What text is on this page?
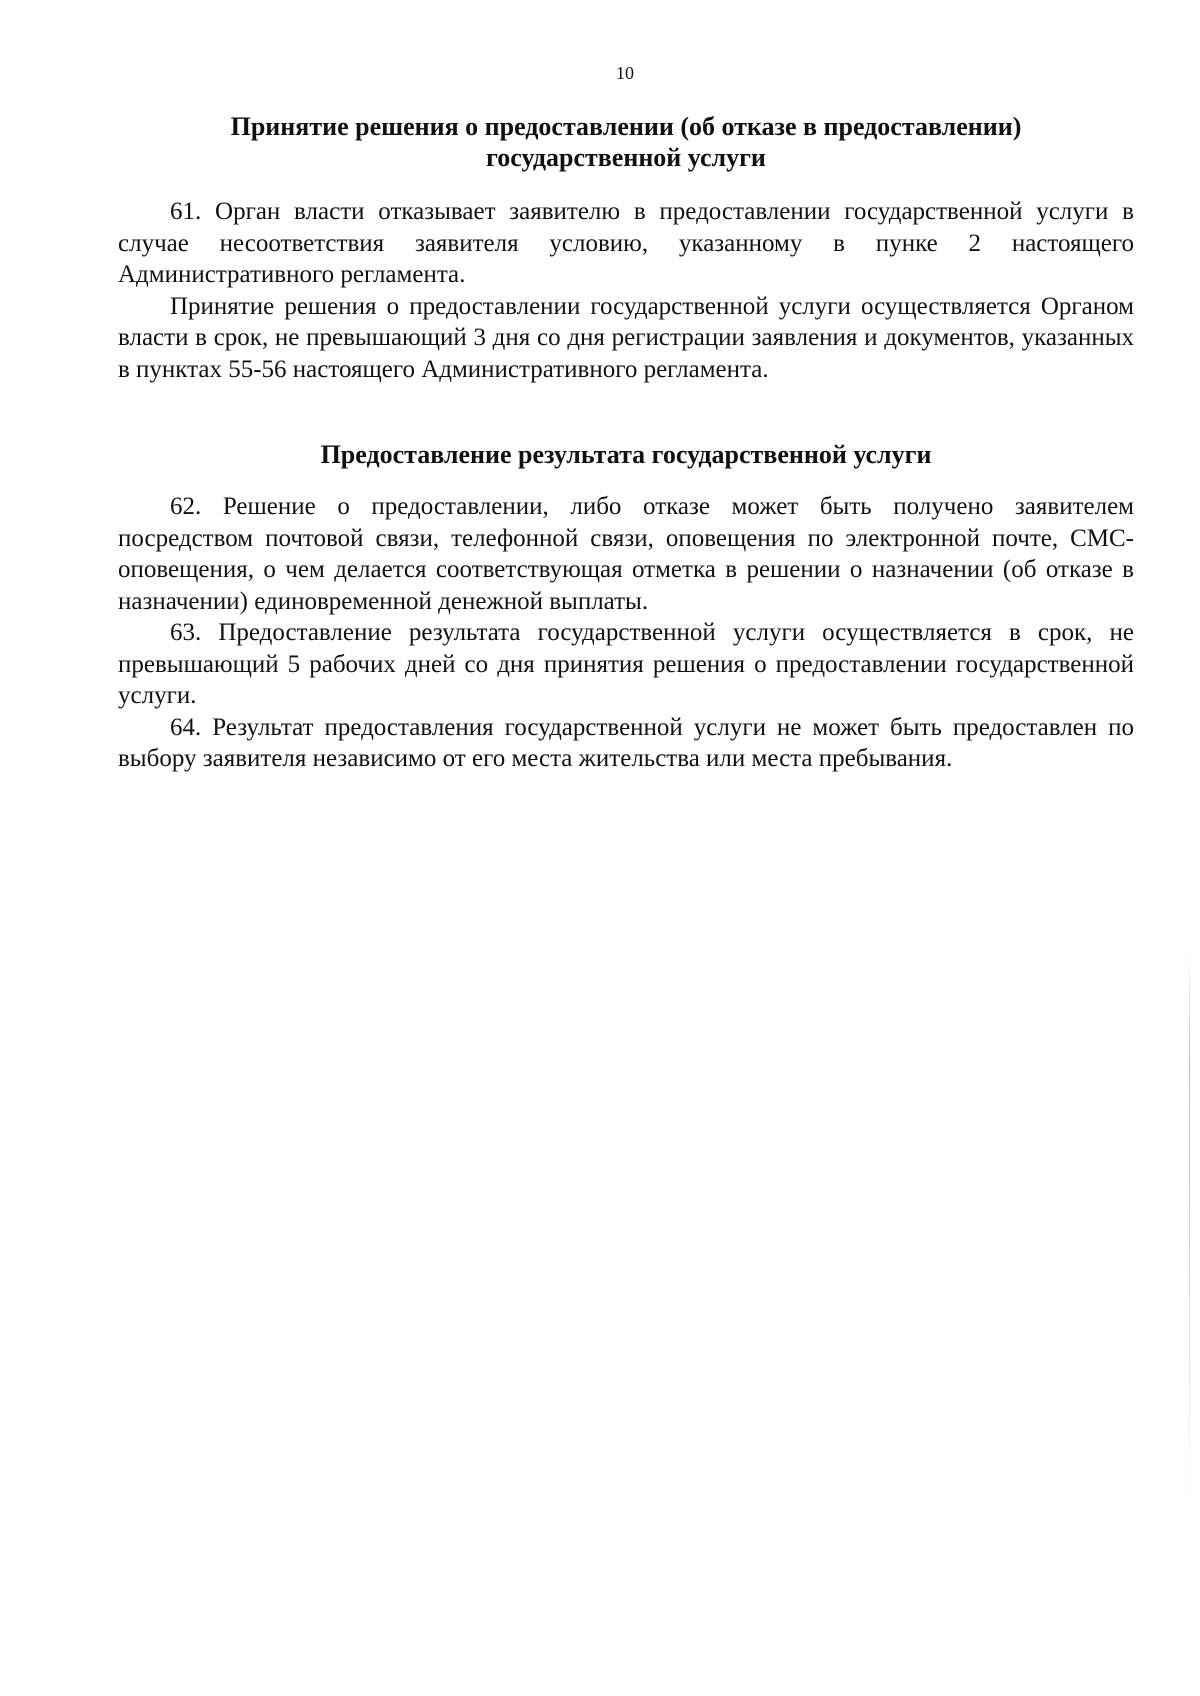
10
Принятие решения о предоставлении (об отказе в предоставлении)
государственной услуги

61. Орган власти отказывает заявителю в предоставлении государственной услуги в случае несоответствия заявителя условию, указанному в пунке 2 настоящего Административного регламента.

Принятие решения о предоставлении государственной услуги осуществляется Органом власти в срок, не превышающий 3 дня со дня регистрации заявления и документов, указанных в пунктах 55-56 настоящего Административного регламента.

Предоставление результата государственной услуги

62. Решение о предоставлении, либо отказе может быть получено заявителем посредством почтовой связи, телефонной связи, оповещения по электронной почте, СМС-оповещения, о чем делается соответствующая отметка в решении о назначении (об отказе в назначении) единовременной денежной выплаты.

63. Предоставление результата государственной услуги осуществляется в срок, не превышающий 5 рабочих дней со дня принятия решения о предоставлении государственной услуги.

64. Результат предоставления государственной услуги не может быть предоставлен по выбору заявителя независимо от его места жительства или места пребывания.
